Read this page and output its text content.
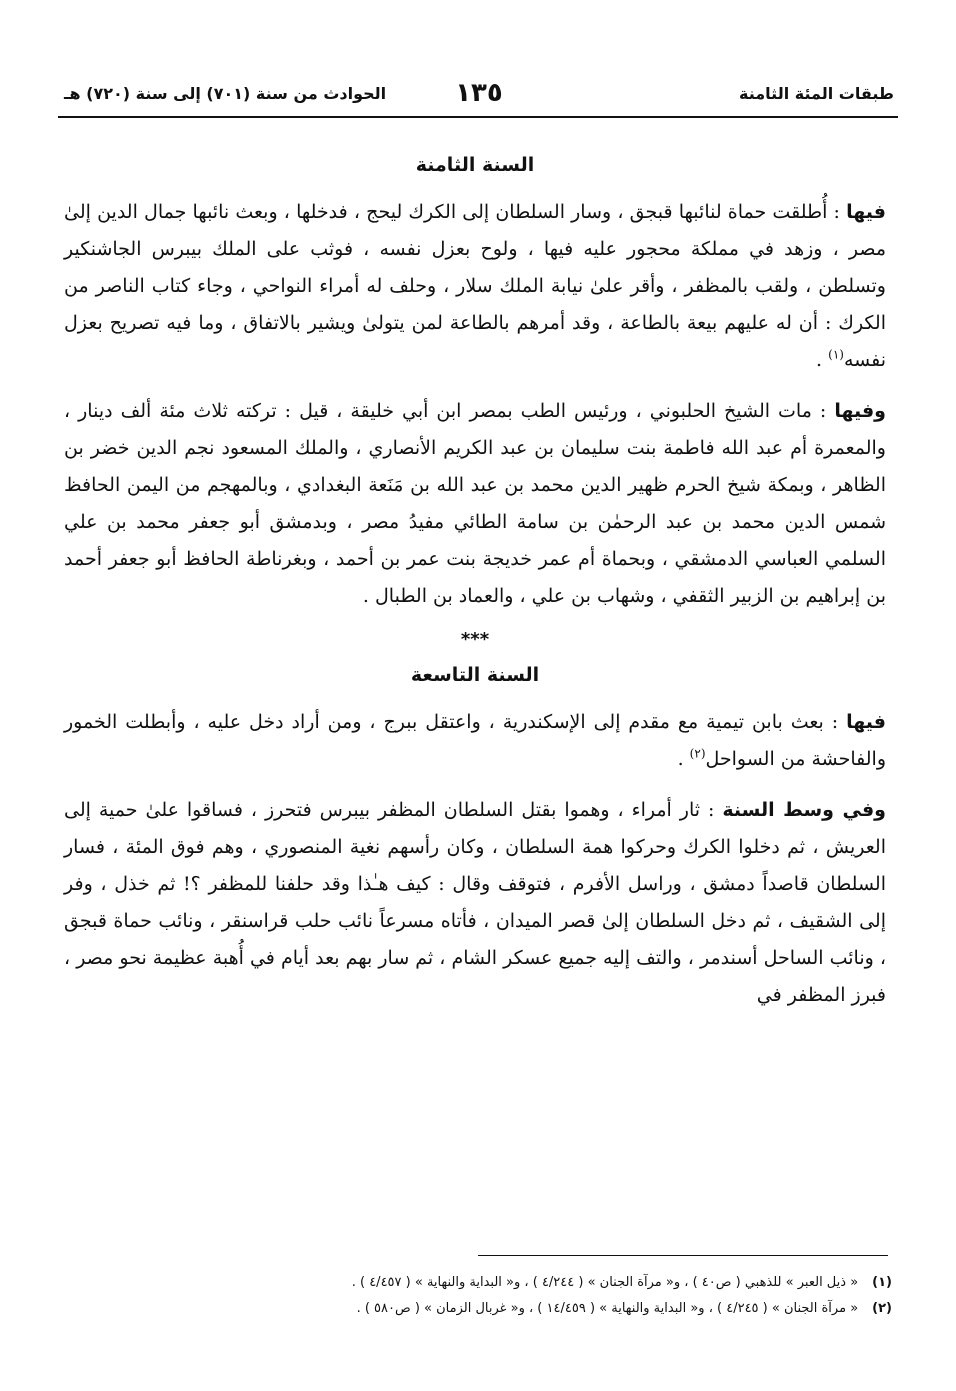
طبقات المئة الثامنة
١٣٥
الحوادث من سنة (٧٠١) إلى سنة (٧٢٠) هـ
السنة الثامنة

فيها : أُطلقت حماة لنائبها قبجق ، وسار السلطان إلى الكرك ليحج ، فدخلها ، وبعث نائبها جمال الدين إلىٰ مصر ، وزهد في مملكة محجور عليه فيها ، ولوح بعزل نفسه ، فوثب على الملك بيبرس الجاشنكير وتسلطن ، ولقب بالمظفر ، وأقر علىٰ نيابة الملك سلار ، وحلف له أمراء النواحي ، وجاء كتاب الناصر من الكرك : أن له عليهم بيعة بالطاعة ، وقد أمرهم بالطاعة لمن يتولىٰ ويشير بالاتفاق ، وما فيه تصريح بعزل نفسه$^{(١)}$ .

وفيها : مات الشيخ الحلبوني ، ورئيس الطب بمصر ابن أبي خليقة ، قيل : تركته ثلاث مئة ألف دينار ، والمعمرة أم عبد الله فاطمة بنت سليمان بن عبد الكريم الأنصاري ، والملك المسعود نجم الدين خضر بن الظاهر ، وبمكة شيخ الحرم ظهير الدين محمد بن عبد الله بن مَنَعة البغدادي ، وبالمهجم من اليمن الحافظ شمس الدين محمد بن عبد الرحمٰن بن سامة الطائي مفيدُ مصر ، وبدمشق أبو جعفر محمد بن علي السلمي العباسي الدمشقي ، وبحماة أم عمر خديجة بنت عمر بن أحمد ، وبغرناطة الحافظ أبو جعفر أحمد بن إبراهيم بن الزبير الثقفي ، وشهاب بن علي ، والعماد بن الطبال .

***
السنة التاسعة

فيها : بعث بابن تيمية مع مقدم إلى الإسكندرية ، واعتقل ببرج ، ومن أراد دخل عليه ، وأبطلت الخمور والفاحشة من السواحل$^{(٢)}$ .

وفي وسط السنة : ثار أمراء ، وهموا بقتل السلطان المظفر بيبرس فتحرز ، فساقوا علىٰ حمية إلى العريش ، ثم دخلوا الكرك وحركوا همة السلطان ، وكان رأسهم نغية المنصوري ، وهم فوق المئة ، فسار السلطان قاصداً دمشق ، وراسل الأفرم ، فتوقف وقال : كيف هـٰذا وقد حلفنا للمظفر ؟! ثم خذل ، وفر إلى الشقيف ، ثم دخل السلطان إلىٰ قصر الميدان ، فأتاه مسرعاً نائب حلب قراسنقر ، ونائب حماة قبجق ، ونائب الساحل أسندمر ، والتف إليه جميع عسكر الشام ، ثم سار بهم بعد أيام في أُهبة عظيمة نحو مصر ، فبرز المظفر في

(١)« ذيل العبر » للذهبي ( ص٤٠ ) ، و« مرآة الجنان » ( ٤/٢٤٤ ) ، و« البداية والنهاية » ( ٤/٤٥٧ ) .
(٢)« مرآة الجنان » ( ٤/٢٤٥ ) ، و« البداية والنهاية » ( ١٤/٤٥٩ ) ، و« غربال الزمان » ( ص٥٨٠ ) .
